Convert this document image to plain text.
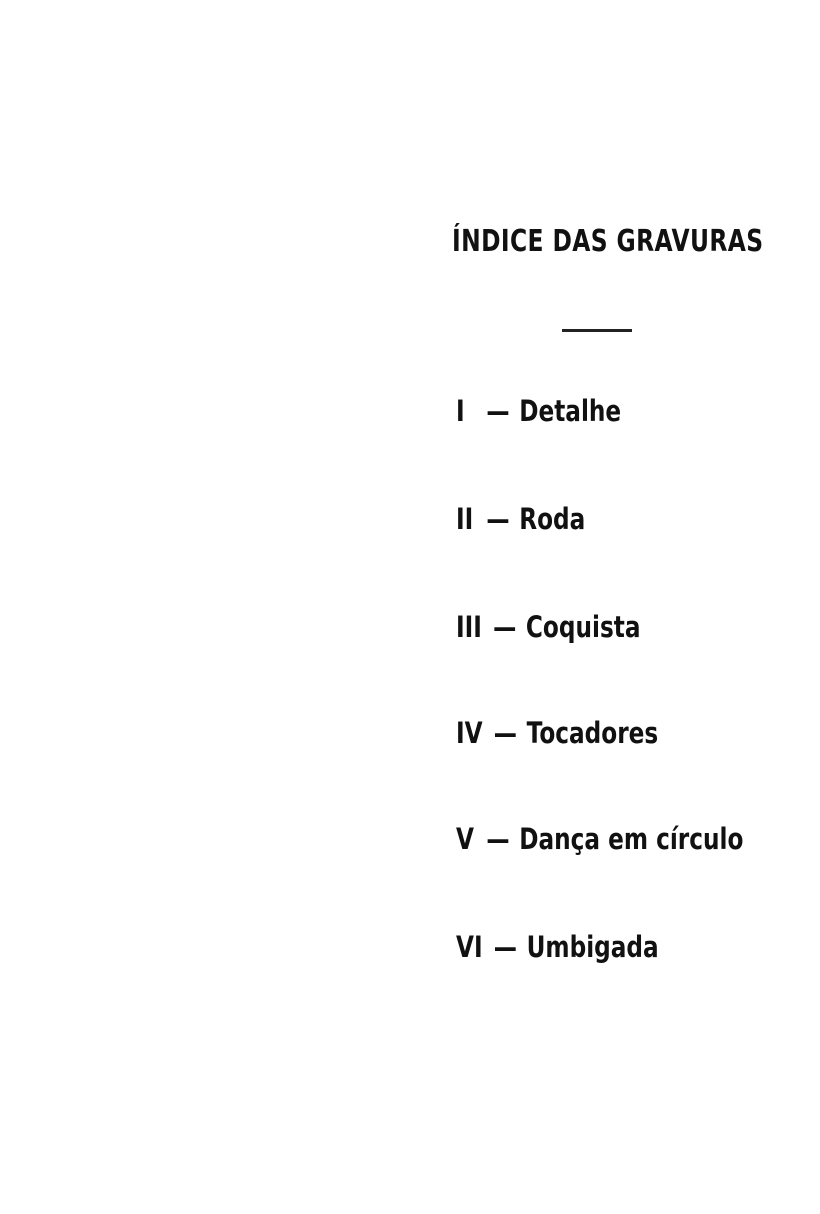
ÍNDICE DAS GRAVURAS
I — Detalhe
II — Roda
III — Coquista
IV — Tocadores
V — Dança em círculo
VI — Umbigada
